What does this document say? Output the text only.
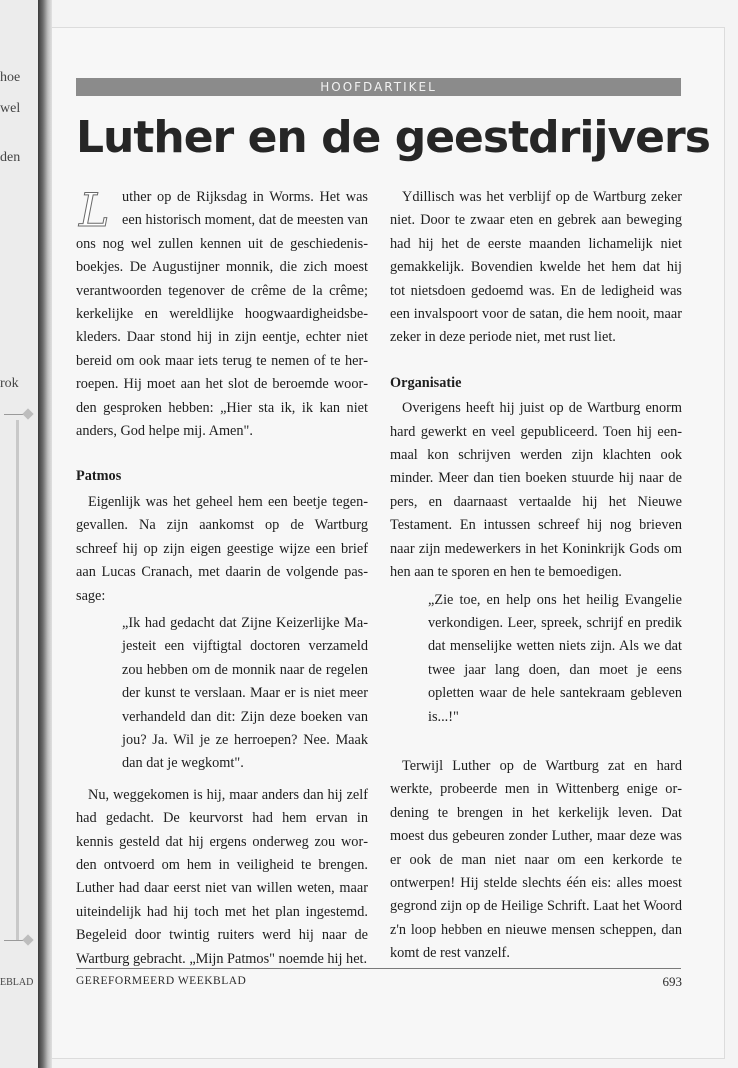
hoe
wel
den
rok
EBLAD
HOOFDARTIKEL
Luther en de geestdrijvers

L uther op de Rijksdag in Worms. Het was een historisch moment, dat de meesten van ons nog wel zullen kennen uit de geschiedenisboekjes. De Augustijner monnik, die zich moest verantwoorden tegenover de crême de la crême; kerkelijke en wereldlijke hoogwaardigheidsbekleders. Daar stond hij in zijn eentje, echter niet bereid om ook maar iets terug te nemen of te herroepen. Hij moet aan het slot de beroemde woorden gesproken hebben: „Hier sta ik, ik kan niet anders, God helpe mij. Amen".

Patmos

Eigenlijk was het geheel hem een beetje tegengevallen. Na zijn aankomst op de Wartburg schreef hij op zijn eigen geestige wijze een brief aan Lucas Cranach, met daarin de volgende passage:

„Ik had gedacht dat Zijne Keizerlijke Majesteit een vijftigtal doctoren verzameld zou hebben om de monnik naar de regelen der kunst te verslaan. Maar er is niet meer verhandeld dan dit: Zijn deze boeken van jou? Ja. Wil je ze herroepen? Nee. Maak dan dat je wegkomt".

Nu, weggekomen is hij, maar anders dan hij zelf had gedacht. De keurvorst had hem ervan in kennis gesteld dat hij ergens onderweg zou worden ontvoerd om hem in veiligheid te brengen. Luther had daar eerst niet van willen weten, maar uiteindelijk had hij toch met het plan ingestemd. Begeleid door twintig ruiters werd hij naar de Wartburg gebracht. „Mijn Patmos" noemde hij het.

Ydillisch was het verblijf op de Wartburg zeker niet. Door te zwaar eten en gebrek aan beweging had hij het de eerste maanden lichamelijk niet gemakkelijk. Bovendien kwelde het hem dat hij tot nietsdoen gedoemd was. En de ledigheid was een invalspoort voor de satan, die hem nooit, maar zeker in deze periode niet, met rust liet.

Organisatie

Overigens heeft hij juist op de Wartburg enorm hard gewerkt en veel gepubliceerd. Toen hij eenmaal kon schrijven werden zijn klachten ook minder. Meer dan tien boeken stuurde hij naar de pers, en daarnaast vertaalde hij het Nieuwe Testament. En intussen schreef hij nog brieven naar zijn medewerkers in het Koninkrijk Gods om hen aan te sporen en hen te bemoedigen.

„Zie toe, en help ons het heilig Evangelie verkondigen. Leer, spreek, schrijf en predik dat menselijke wetten niets zijn. Als we dat twee jaar lang doen, dan moet je eens opletten waar de hele santekraam gebleven is...!"

Terwijl Luther op de Wartburg zat en hard werkte, probeerde men in Wittenberg enige ordening te brengen in het kerkelijk leven. Dat moest dus gebeuren zonder Luther, maar deze was er ook de man niet naar om een kerkorde te ontwerpen! Hij stelde slechts één eis: alles moest gegrond zijn op de Heilige Schrift. Laat het Woord z'n loop hebben en nieuwe mensen scheppen, dan komt de rest vanzelf.

GEREFORMEERD WEEKBLAD	693
